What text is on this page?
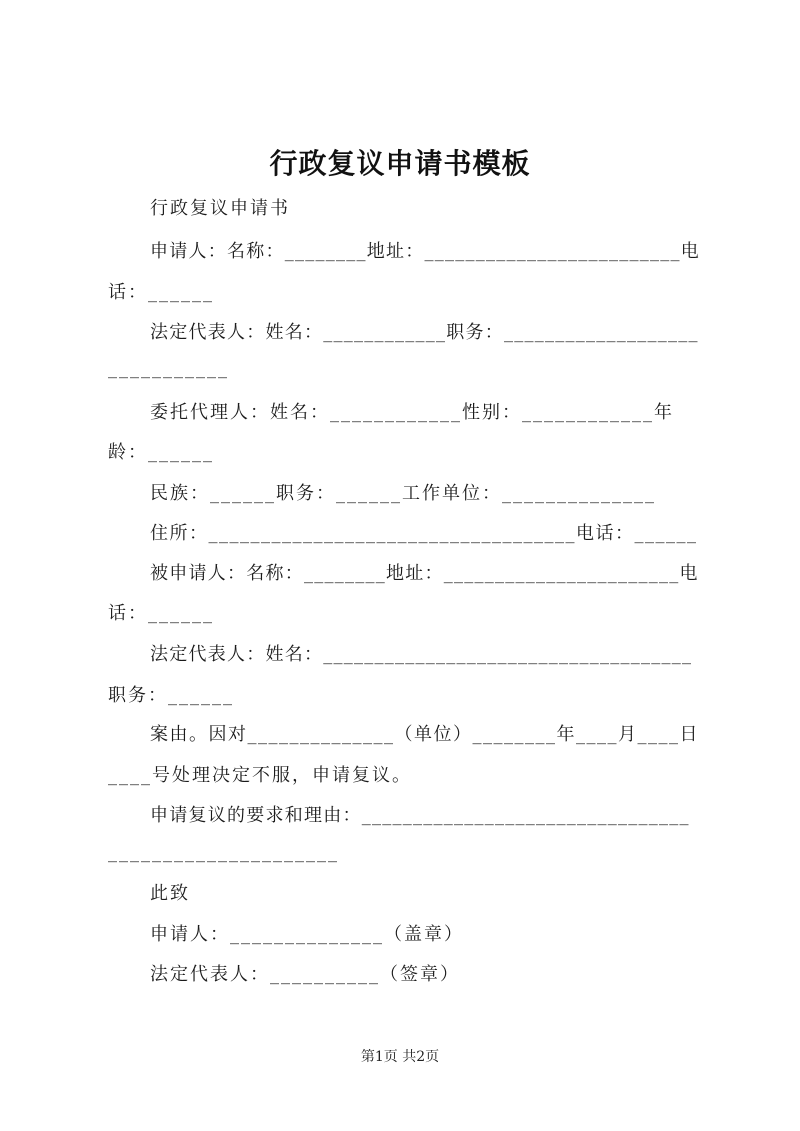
行政复议申请书模板
行政复议申请书
申请人：名称：________地址：_________________________电
话：______
法定代表人：姓名：____________职务：___________________
___________
委托代理人：姓名：____________性别：____________年
龄：______
民族：______职务：______工作单位：______________
住所：___________________________________电话：______
被申请人：名称：________地址：_______________________电
话：______
法定代表人：姓名：____________________________________
职务：______
案由。因对______________（单位）________年____月____日
____号处理决定不服，申请复议。
申请复议的要求和理由：________________________________
_____________________
此致
申请人：______________（盖章）
法定代表人：__________（签章）
第1页 共2页
